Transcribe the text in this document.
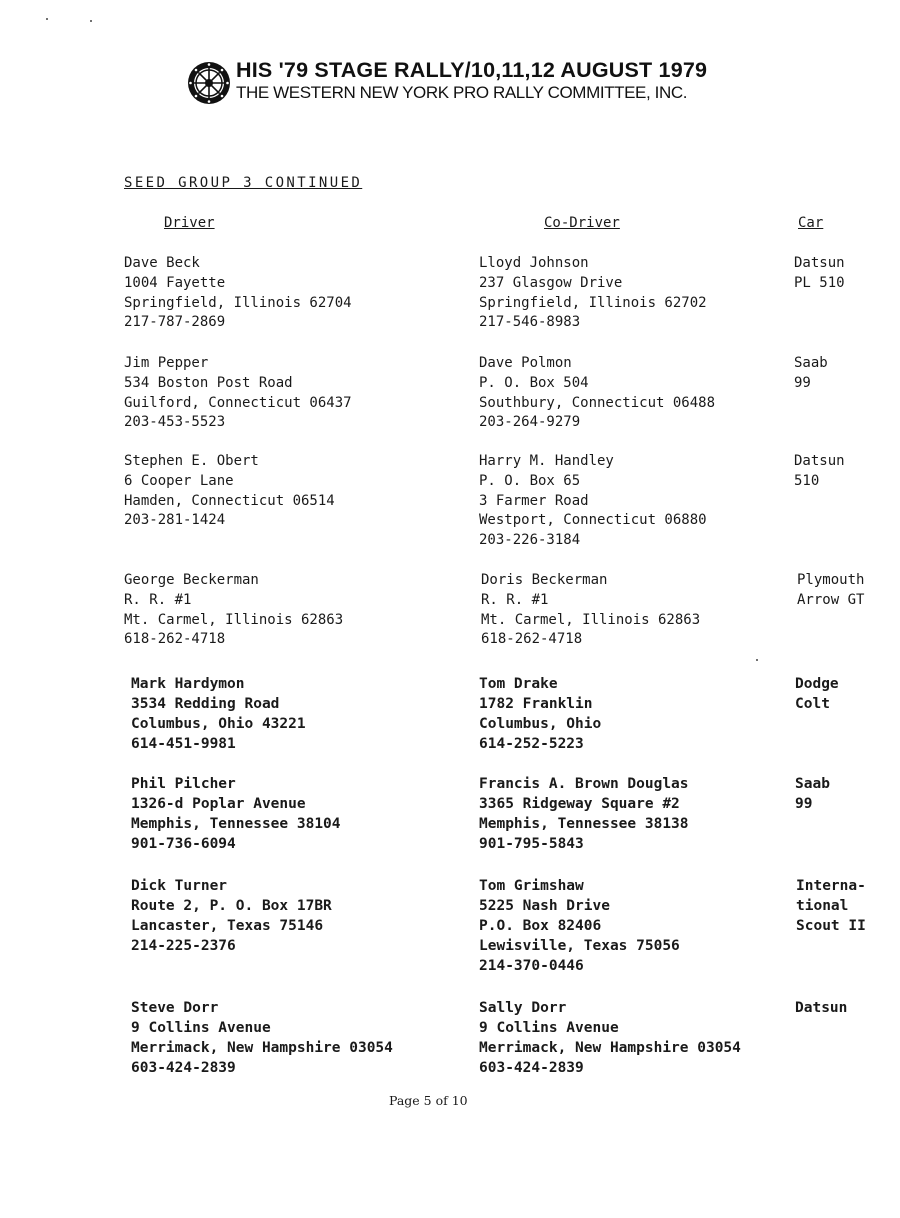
HIS '79 STAGE RALLY/10,11,12 AUGUST 1979
THE WESTERN NEW YORK PRO RALLY COMMITTEE, INC.
SEED GROUP 3 CONTINUED
Driver	Co-Driver	Car
Dave Beck
1004 Fayette
Springfield, Illinois 62704
217-787-2869
Lloyd Johnson
237 Glasgow Drive
Springfield, Illinois 62702
217-546-8983
Datsun
PL 510
Jim Pepper
534 Boston Post Road
Guilford, Connecticut 06437
203-453-5523
Dave Polmon
P. O. Box 504
Southbury, Connecticut 06488
203-264-9279
Saab
99
Stephen E. Obert
6 Cooper Lane
Hamden, Connecticut 06514
203-281-1424
Harry M. Handley
P. O. Box 65
3 Farmer Road
Westport, Connecticut 06880
203-226-3184
Datsun
510
George Beckerman
R. R. #1
Mt. Carmel, Illinois 62863
618-262-4718
Doris Beckerman
R. R. #1
Mt. Carmel, Illinois 62863
618-262-4718
Plymouth
Arrow GT
Mark Hardymon
3534 Redding Road
Columbus, Ohio 43221
614-451-9981
Tom Drake
1782 Franklin
Columbus, Ohio
614-252-5223
Dodge
Colt
Phil Pilcher
1326-d Poplar Avenue
Memphis, Tennessee 38104
901-736-6094
Francis A. Brown Douglas
3365 Ridgeway Square #2
Memphis, Tennessee 38138
901-795-5843
Saab
99
Dick Turner
Route 2, P. O. Box 17BR
Lancaster, Texas 75146
214-225-2376
Tom Grimshaw
5225 Nash Drive
P.O. Box 82406
Lewisville, Texas 75056
214-370-0446
Interna-
tional
Scout II
Steve Dorr
9 Collins Avenue
Merrimack, New Hampshire 03054
603-424-2839
Sally Dorr
9 Collins Avenue
Merrimack, New Hampshire 03054
603-424-2839
Datsun
Page 5 of 10
